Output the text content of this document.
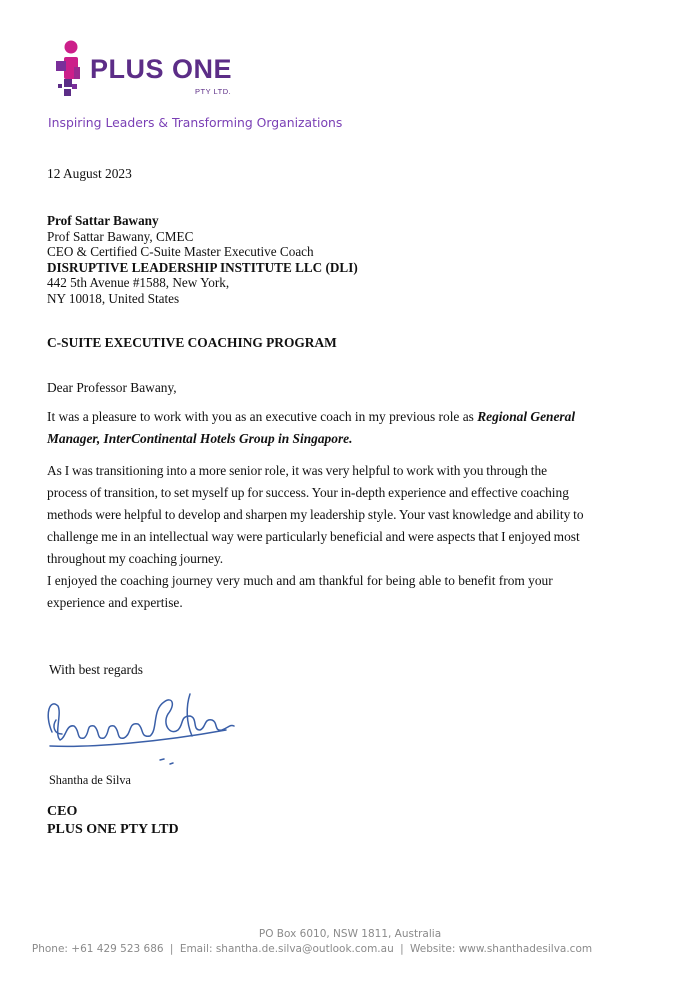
PLUS ONE
PTY LTD.
Inspiring Leaders & Transforming Organizations
12 August 2023
Prof Sattar Bawany
Prof Sattar Bawany, CMEC
CEO & Certified C-Suite Master Executive Coach
DISRUPTIVE LEADERSHIP INSTITUTE LLC (DLI)
442 5th Avenue #1588, New York,
NY 10018, United States
C-SUITE EXECUTIVE COACHING PROGRAM
Dear Professor Bawany,
It was a pleasure to work with you as an executive coach in my previous role as Regional General Manager, InterContinental Hotels Group in Singapore.
As I was transitioning into a more senior role, it was very helpful to work with you through the process of transition, to set myself up for success. Your in-depth experience and effective coaching methods were helpful to develop and sharpen my leadership style. Your vast knowledge and ability to challenge me in an intellectual way were particularly beneficial and were aspects that I enjoyed most throughout my coaching journey.
I enjoyed the coaching journey very much and am thankful for being able to benefit from your experience and expertise.
With best regards
Shantha de Silva
CEO
PLUS ONE PTY LTD
PO Box 6010, NSW 1811, Australia
Phone: +61 429 523 686 | Email: shantha.de.silva@outlook.com.au | Website: www.shanthadesilva.com
